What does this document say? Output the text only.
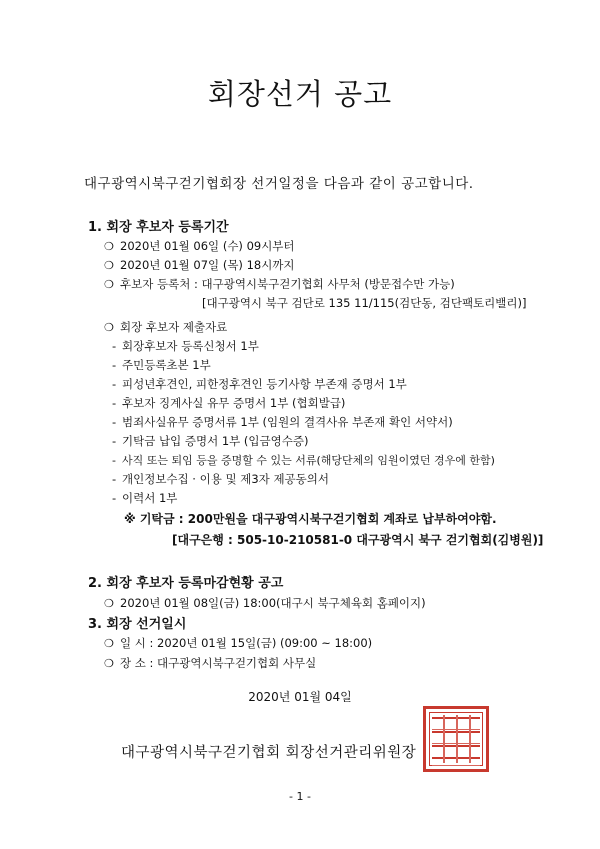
회장선거 공고
대구광역시북구걷기협회장 선거일정을 다음과 같이 공고합니다.
1. 회장 후보자 등록기간
❍ 2020년 01월 06일 (수) 09시부터
❍ 2020년 01월 07일 (목) 18시까지
❍ 후보자 등록처 : 대구광역시북구걷기협회 사무처 (방문접수만 가능)
[대구광역시 북구 검단로 135 11/115(검단동, 검단팩토리밸리)]
❍ 회장 후보자 제출자료
- 회장후보자 등록신청서 1부
- 주민등록초본 1부
- 피성년후견인, 피한정후견인 등기사항 부존재 증명서 1부
- 후보자 징계사실 유무 증명서 1부 (협회발급)
- 범죄사실유무 증명서류 1부 (임원의 결격사유 부존재 확인 서약서)
- 기탁금 납입 증명서 1부 (입금영수증)
- 사직 또는 퇴임 등을 증명할 수 있는 서류(해당단체의 임원이였던 경우에 한함)
- 개인정보수집 · 이용 및 제3자 제공동의서
- 이력서 1부
※ 기탁금 : 200만원을 대구광역시북구걷기협회 계좌로 납부하여야함.
[대구은행 : 505-10-210581-0 대구광역시 북구 걷기협회(김병원)]
2. 회장 후보자 등록마감현황 공고
❍ 2020년 01월 08일(금) 18:00(대구시 북구체육회 홈페이지)
3. 회장 선거일시
❍ 일 시 : 2020년 01월 15일(금) (09:00 ~ 18:00)
❍ 장 소 : 대구광역시북구걷기협회 사무실
2020년 01월 04일
대구광역시북구걷기협회 회장선거관리위원장
- 1 -
